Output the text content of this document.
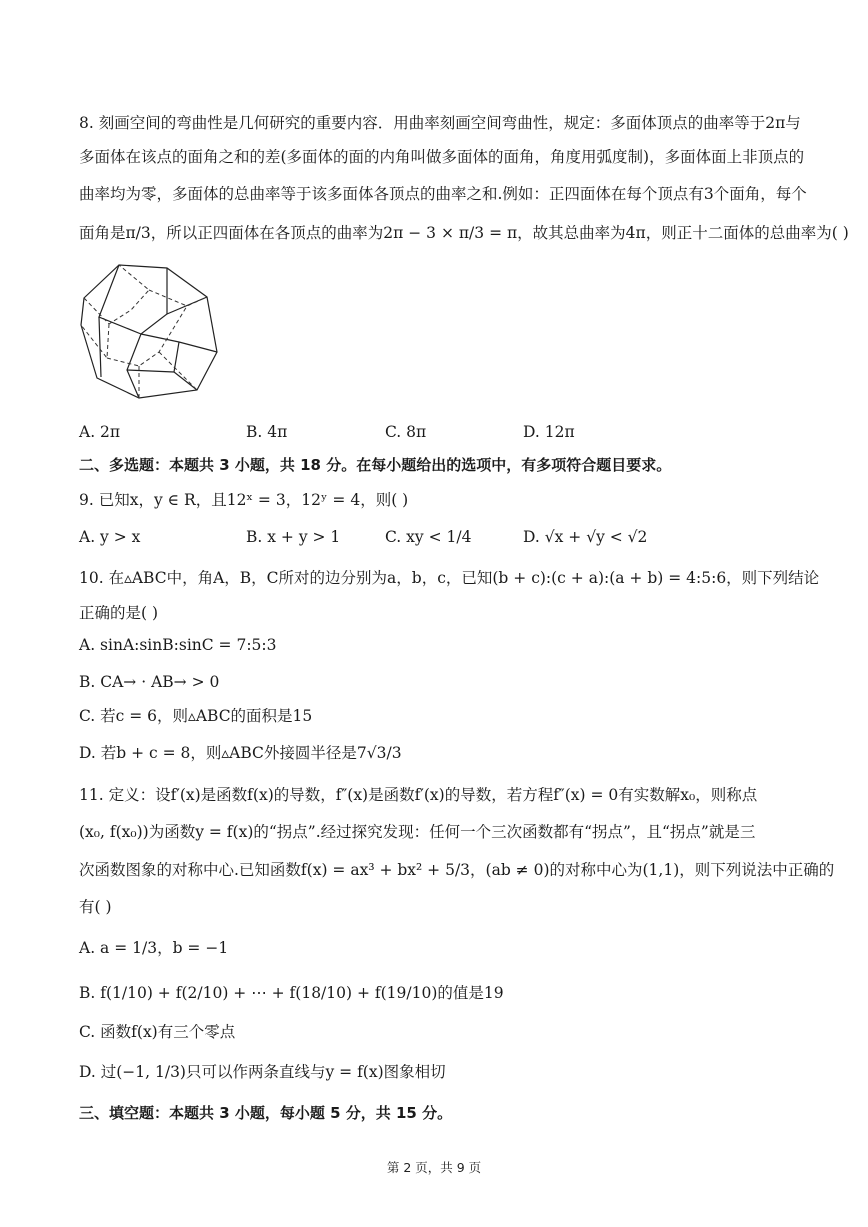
8. 刻画空间的弯曲性是几何研究的重要内容．用曲率刻画空间弯曲性，规定：多面体顶点的曲率等于2π与
多面体在该点的面角之和的差(多面体的面的内角叫做多面体的面角，角度用弧度制)，多面体面上非顶点的
曲率均为零，多面体的总曲率等于该多面体各顶点的曲率之和.例如：正四面体在每个顶点有3个面角，每个
面角是π/3，所以正四面体在各顶点的曲率为2π − 3 × π/3 = π，故其总曲率为4π，则正十二面体的总曲率为( )
A. 2π	B. 4π	C. 8π	D. 12π
二、多选题：本题共 3 小题，共 18 分。在每小题给出的选项中，有多项符合题目要求。
9. 已知x，y ∈ R，且12ˣ = 3，12ʸ = 4，则( )
A. y > x	B. x + y > 1	C. xy < 1/4	D. √x + √y < √2
10. 在▵ABC中，角A，B，C所对的边分别为a，b，c，已知(b + c):(c + a):(a + b) = 4:5:6，则下列结论
正确的是( )
A. sinA:sinB:sinC = 7:5:3
B. CA→ · AB→ > 0
C. 若c = 6，则▵ABC的面积是15
D. 若b + c = 8，则▵ABC外接圆半径是7√3/3
11. 定义：设f′(x)是函数f(x)的导数，f″(x)是函数f′(x)的导数，若方程f″(x) = 0有实数解x₀，则称点
(x₀, f(x₀))为函数y = f(x)的“拐点”.经过探究发现：任何一个三次函数都有“拐点”，且“拐点”就是三
次函数图象的对称中心.已知函数f(x) = ax³ + bx² + 5/3，(ab ≠ 0)的对称中心为(1,1)，则下列说法中正确的
有( )
A. a = 1/3，b = −1
B. f(1/10) + f(2/10) + ⋯ + f(18/10) + f(19/10)的值是19
C. 函数f(x)有三个零点
D. 过(−1, 1/3)只可以作两条直线与y = f(x)图象相切
三、填空题：本题共 3 小题，每小题 5 分，共 15 分。
第 2 页，共 9 页
